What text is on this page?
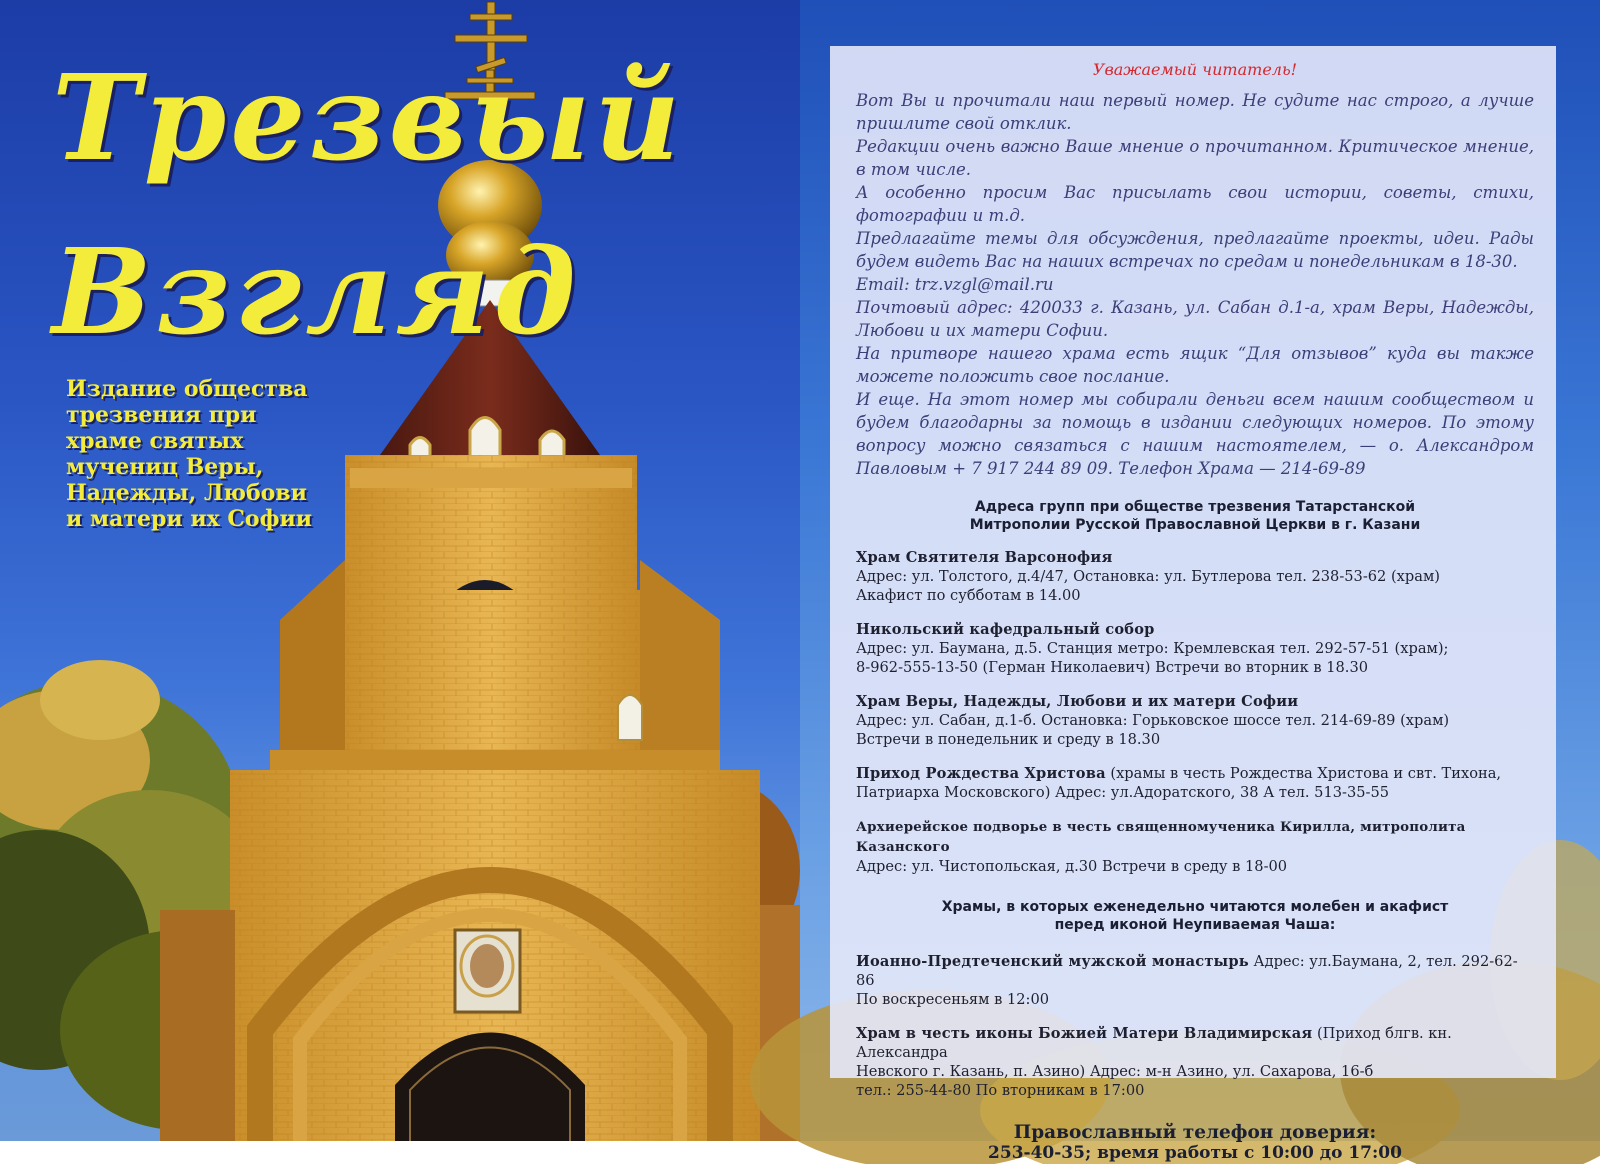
Трезвый
Взгляд
Издание общества
трезвения при
храме святых
мучениц Веры,
Надежды, Любови
и матери их Софии
Уважаемый читатель!

Вот Вы и прочитали наш первый номер. Не судите нас строго, а лучше пришлите свой отклик.

Редакции очень важно Ваше мнение о прочитанном. Критическое мнение, в том числе.

А особенно просим Вас присылать свои истории, советы, стихи, фотографии и т.д.

Предлагайте темы для обсуждения, предлагайте проекты, идеи. Рады будем видеть Вас на наших встречах по средам и понедельникам в 18-30.

Email: trz.vzgl@mail.ru

Почтовый адрес: 420033 г. Казань, ул. Сабан д.1-а, храм Веры, Надежды, Любови и их матери Софии.

На притворе нашего храма есть ящик “Для отзывов” куда вы также можете положить свое послание.

И еще. На этот номер мы собирали деньги всем нашим сообществом и будем благодарны за помощь в издании следующих номеров. По этому вопросу можно связаться с нашим настоятелем, — о. Александром Павловым + 7 917 244 89 09. Телефон Храма — 214-69-89

Адреса групп при обществе трезвения Татарстанской
Митрополии Русской Православной Церкви в г. Казани
Храм Святителя Варсонофия
Адрес: ул. Толстого, д.4/47, Остановка: ул. Бутлерова тел. 238-53-62 (храм)
Акафист по субботам в 14.00
Никольский кафедральный собор
Адрес: ул. Баумана, д.5. Станция метро: Кремлевская тел. 292-57-51 (храм);
8-962-555-13-50 (Герман Николаевич) Встречи во вторник в 18.30
Храм Веры, Надежды, Любови и их матери Софии
Адрес: ул. Сабан, д.1-б. Остановка: Горьковское шоссе тел. 214-69-89 (храм)
Встречи в понедельник и среду в 18.30
Приход Рождества Христова (храмы в честь Рождества Христова и свт. Тихона,
Патриарха Московского) Адрес: ул.Адоратского, 38 А тел. 513-35-55
Архиерейское подворье в честь священномученика Кирилла, митрополита Казанского
Адрес: ул. Чистопольская, д.30 Встречи в среду в 18-00
Храмы, в которых еженедельно читаются молебен и акафист
перед иконой Неупиваемая Чаша:
Иоанно-Предтеченский мужской монастырь Адрес: ул.Баумана, 2, тел. 292-62-86
По воскресеньям в 12:00
Храм в честь иконы Божией Матери Владимирская (Приход блгв. кн. Александра
Невского г. Казань, п. Азино) Адрес: м-н Азино, ул. Сахарова, 16-б
тел.: 255-44-80 По вторникам в 17:00
Православный телефон доверия:
253-40-35; время работы с 10:00 до 17:00
